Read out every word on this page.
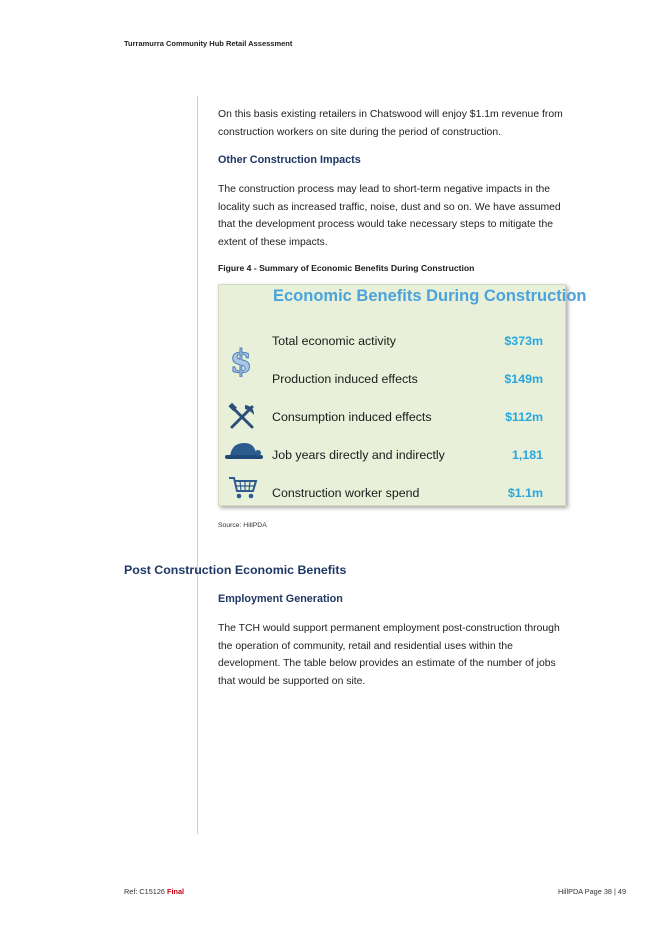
Turramurra Community Hub Retail Assessment
On this basis existing retailers in Chatswood will enjoy $1.1m revenue from construction workers on site during the period of construction.
Other Construction Impacts
The construction process may lead to short-term negative impacts in the locality such as increased traffic, noise, dust and so on. We have assumed that the development process would take necessary steps to mitigate the extent of these impacts.
Figure 4 - Summary of Economic Benefits During Construction
Economic Benefits During Construction
$
Total economic activity	$373m
Production induced effects	$149m
Consumption induced effects	$112m
Job years directly and indirectly	1,181
Construction worker spend	$1.1m
Source: HillPDA
Post Construction Economic Benefits
Employment Generation
The TCH would support permanent employment post-construction through the operation of community, retail and residential uses within the development. The table below provides an estimate of the number of jobs that would be supported on site.
Ref: C15126 Final	HillPDA Page 38 | 49
